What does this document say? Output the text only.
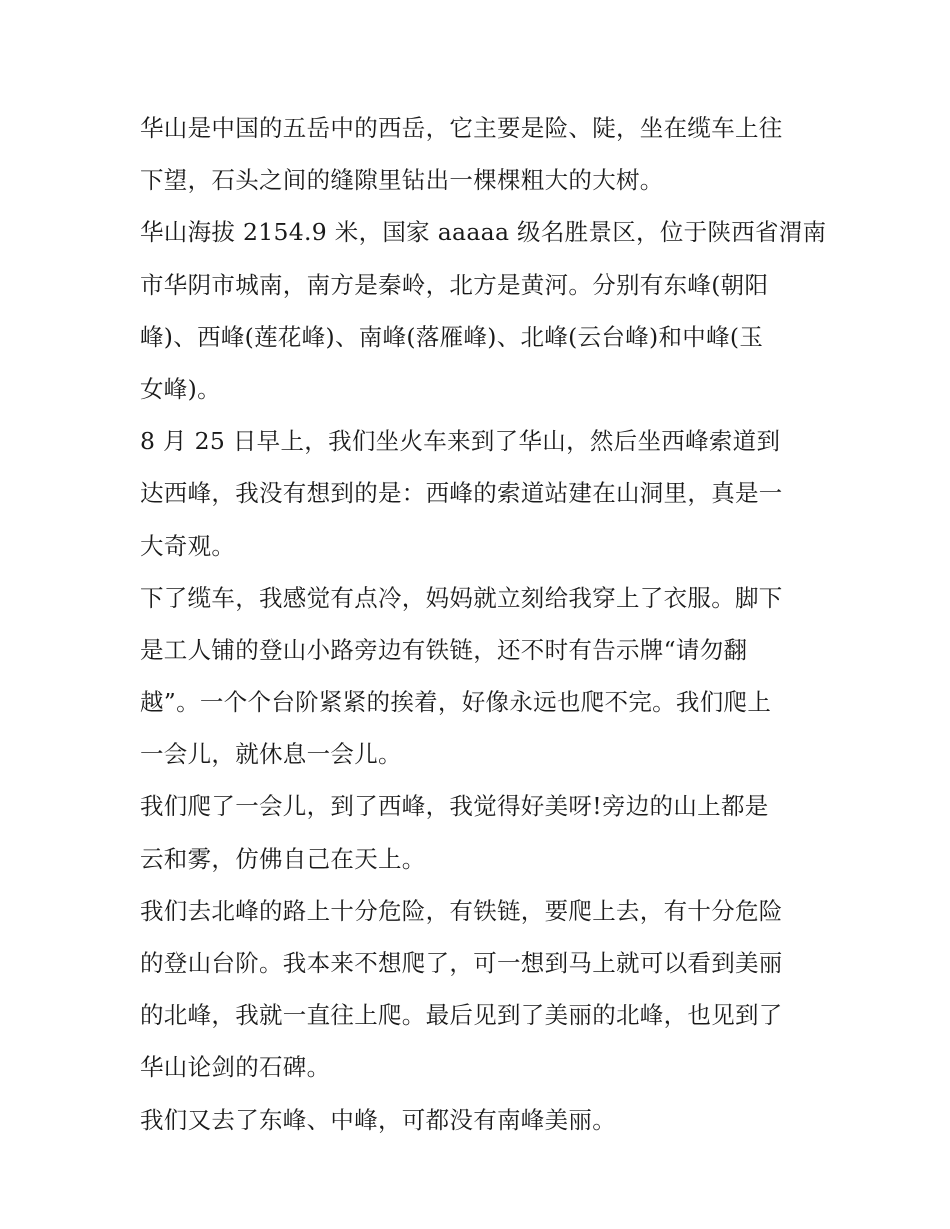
华山是中国的五岳中的西岳，它主要是险、陡，坐在缆车上往
下望，石头之间的缝隙里钻出一棵棵粗大的大树。

华山海拔 2154.9 米，国家 aaaaa 级名胜景区，位于陕西省渭南
市华阴市城南，南方是秦岭，北方是黄河。分别有东峰(朝阳
峰)、西峰(莲花峰)、南峰(落雁峰)、北峰(云台峰)和中峰(玉
女峰)。

8 月 25 日早上，我们坐火车来到了华山，然后坐西峰索道到
达西峰，我没有想到的是：西峰的索道站建在山洞里，真是一
大奇观。

下了缆车，我感觉有点冷，妈妈就立刻给我穿上了衣服。脚下
是工人铺的登山小路旁边有铁链，还不时有告示牌“请勿翻
越”。一个个台阶紧紧的挨着，好像永远也爬不完。我们爬上
一会儿，就休息一会儿。

我们爬了一会儿，到了西峰，我觉得好美呀!旁边的山上都是
云和雾，仿佛自己在天上。

我们去北峰的路上十分危险，有铁链，要爬上去，有十分危险
的登山台阶。我本来不想爬了，可一想到马上就可以看到美丽
的北峰，我就一直往上爬。最后见到了美丽的北峰，也见到了
华山论剑的石碑。

我们又去了东峰、中峰，可都没有南峰美丽。
